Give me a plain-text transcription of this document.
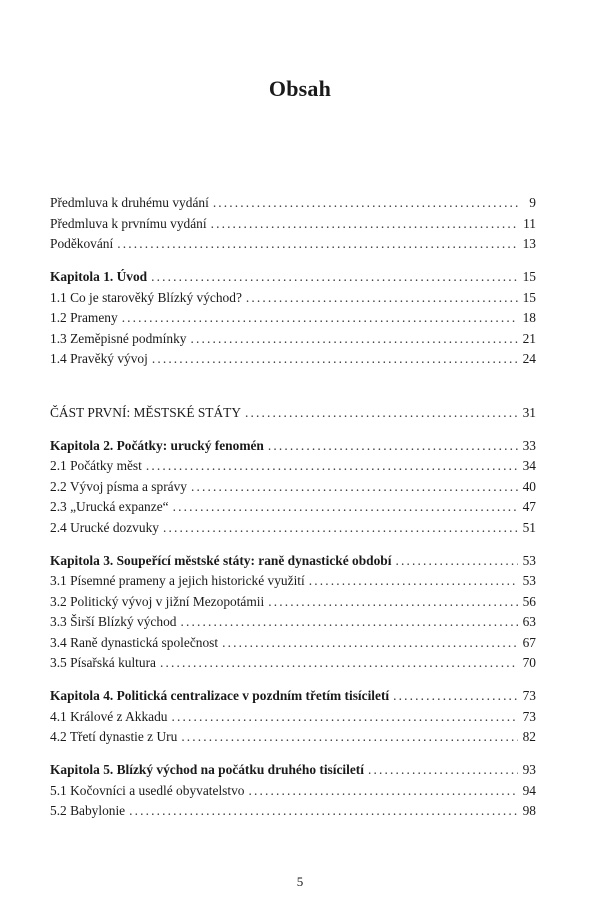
Obsah
Předmluva k druhému vydání . . .	9
Předmluva k prvnímu vydání . . .	11
Poděkování . . .	13
Kapitola 1. Úvod . . .	15
1.1 Co je starověký Blízký východ? . . .	15
1.2 Prameny . . .	18
1.3 Zeměpisné podmínky . . .	21
1.4 Pravěký vývoj . . .	24
ČÁST PRVNÍ: MĚSTSKÉ STÁTY . . .	31
Kapitola 2. Počátky: urucký fenomén . . .	33
2.1 Počátky měst . . .	34
2.2 Vývoj písma a správy . . .	40
2.3 „Urucká expanze“ . . .	47
2.4 Urucké dozvuky . . .	51
Kapitola 3. Soupeřící městské státy: raně dynastické období . . .	53
3.1 Písemné prameny a jejich historické využití . . .	53
3.2 Politický vývoj v jižní Mezopotámii . . .	56
3.3 Širší Blízký východ . . .	63
3.4 Raně dynastická společnost . . .	67
3.5 Písařská kultura . . .	70
Kapitola 4. Politická centralizace v pozdním třetím tisíciletí . . .	73
4.1 Králové z Akkadu . . .	73
4.2 Třetí dynastie z Uru . . .	82
Kapitola 5. Blízký východ na počátku druhého tisíciletí . . .	93
5.1 Kočovníci a usedlé obyvatelstvo . . .	94
5.2 Babylonie . . .	98
5
